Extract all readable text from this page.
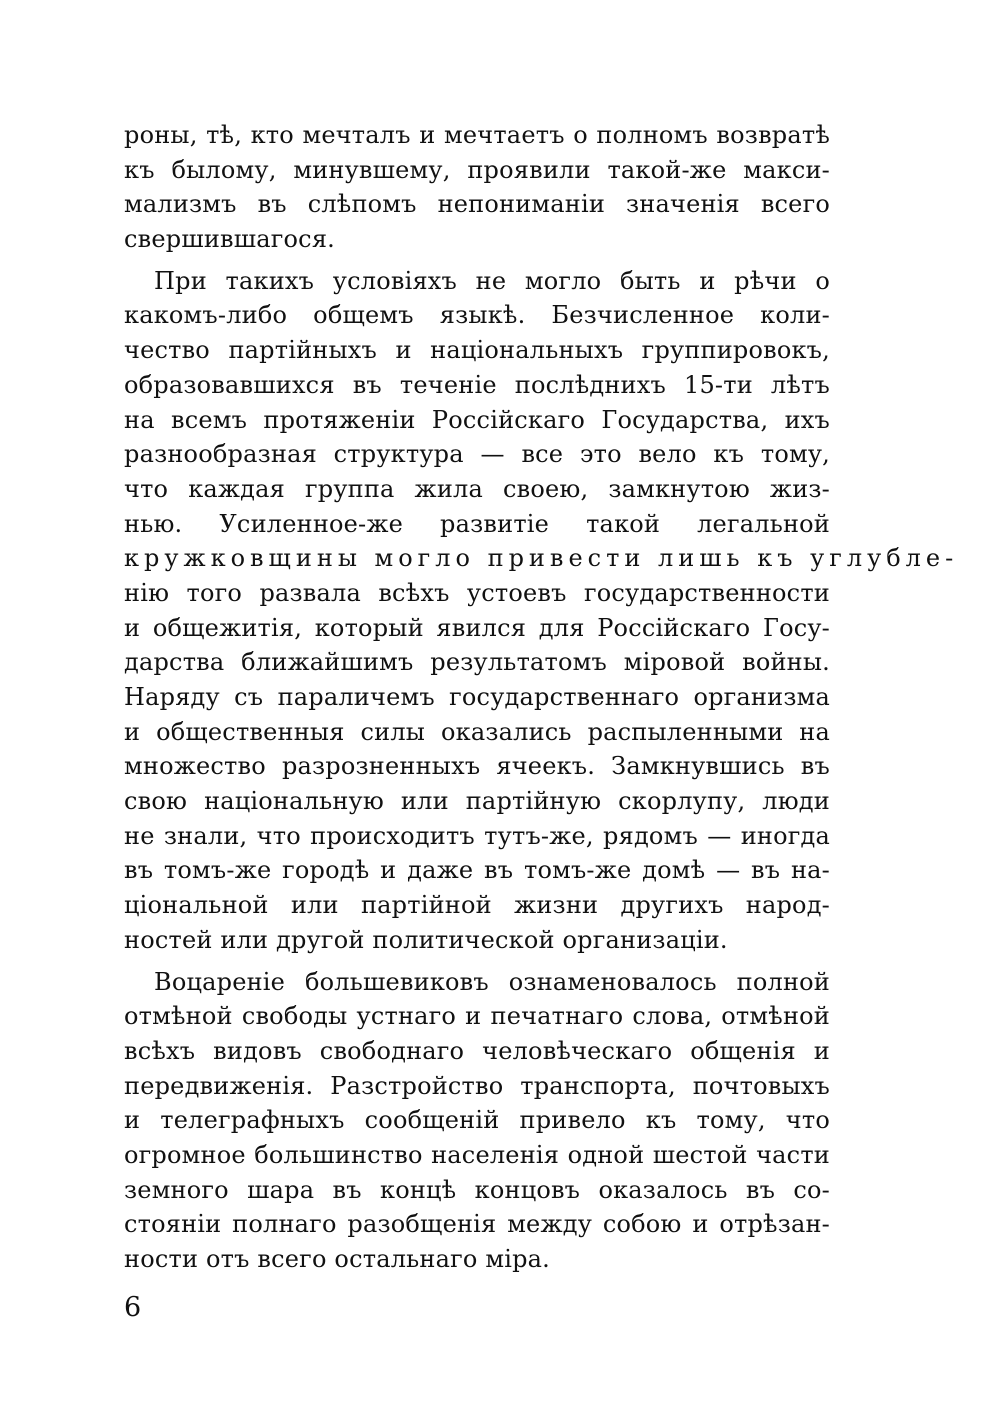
роны, тѣ, кто мечталъ и мечтаетъ о полномъ возвратѣ
къ былому, минувшему, проявили такой-же макси-
мализмъ въ слѣпомъ непониманіи значенія всего
свершившагося.
При такихъ условіяхъ не могло быть и рѣчи о
какомъ-либо общемъ языкѣ. Безчисленное коли-
чество партійныхъ и національныхъ группировокъ,
образовавшихся въ теченіе послѣднихъ 15-ти лѣтъ
на всемъ протяженіи Россійскаго Государства, ихъ
разнообразная структура — все это вело къ тому,
что каждая группа жила своею, замкнутою жиз-
нью. Усиленное-же развитіе такой легальной
кружковщины могло привести лишь къ углубле-
нію того развала всѣхъ устоевъ государственности
и общежитія, который явился для Россійскаго Госу-
дарства ближайшимъ результатомъ міровой войны.
Наряду съ параличемъ государственнаго организма
и общественныя силы оказались распыленными на
множество разрозненныхъ ячеекъ. Замкнувшись въ
свою національную или партійную скорлупу, люди
не знали, что происходитъ тутъ-же, рядомъ — иногда
въ томъ-же городѣ и даже въ томъ-же домѣ — въ на-
ціональной или партійной жизни другихъ народ-
ностей или другой политической организаціи.
Воцареніе большевиковъ ознаменовалось полной
отмѣной свободы устнаго и печатнаго слова, отмѣной
всѣхъ видовъ свободнаго человѣческаго общенія и
передвиженія. Разстройство транспорта, почтовыхъ
и телеграфныхъ сообщеній привело къ тому, что
огромное большинство населенія одной шестой части
земного шара въ концѣ концовъ оказалось въ со-
стояніи полнаго разобщенія между собою и отрѣзан-
ности отъ всего остальнаго міра.
6
